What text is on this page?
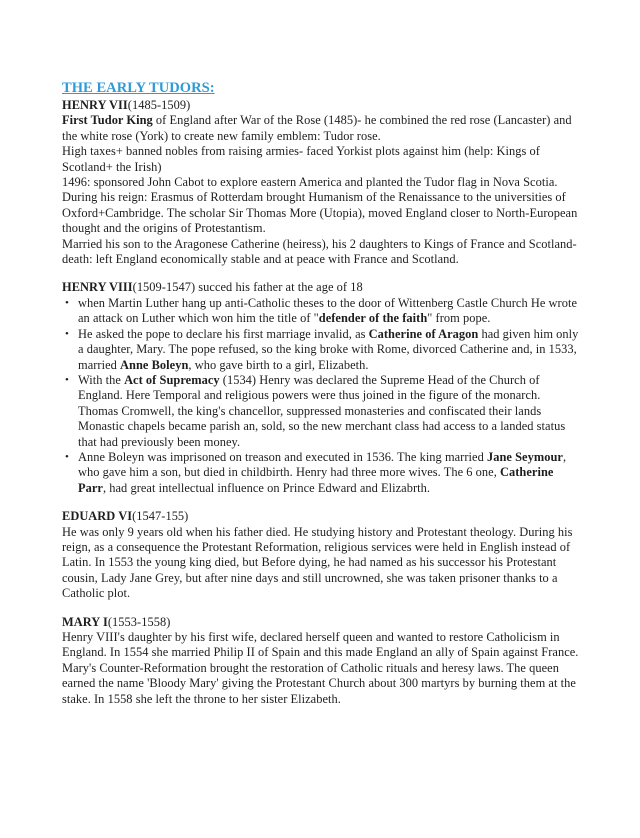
THE EARLY TUDORS:

HENRY VII(1485-1509)

First Tudor King of England after War of the Rose (1485)- he combined the red rose (Lancaster) and the white rose (York) to create new family emblem: Tudor rose.

High taxes+ banned nobles from raising armies- faced Yorkist plots against him (help: Kings of Scotland+ the Irish)

1496: sponsored John Cabot to explore eastern America and planted the Tudor flag in Nova Scotia.

During his reign: Erasmus of Rotterdam brought Humanism of the Renaissance to the universities of Oxford+Cambridge. The scholar Sir Thomas More (Utopia), moved England closer to North-European thought and the origins of Protestantism.

Married his son to the Aragonese Catherine (heiress), his 2 daughters to Kings of France and Scotland- death: left England economically stable and at peace with France and Scotland.

HENRY VIII(1509-1547) succed his father at the age of 18

• when Martin Luther hang up anti-Catholic theses to the door of Wittenberg Castle Church He wrote an attack on Luther which won him the title of "defender of the faith" from pope.
• He asked the pope to declare his first marriage invalid, as Catherine of Aragon had given him only a daughter, Mary. The pope refused, so the king broke with Rome, divorced Catherine and, in 1533, married Anne Boleyn, who gave birth to a girl, Elizabeth.
• With the Act of Supremacy (1534) Henry was declared the Supreme Head of the Church of England. Here Temporal and religious powers were thus joined in the figure of the monarch. Thomas Cromwell, the king's chancellor, suppressed monasteries and confiscated their lands Monastic chapels became parish an, sold, so the new merchant class had access to a landed status that had previously been money.
• Anne Boleyn was imprisoned on treason and executed in 1536. The king married Jane Seymour, who gave him a son, but died in childbirth. Henry had three more wives. The 6 one, Catherine Parr, had great intellectual influence on Prince Edward and Elizabrth.

EDUARD VI(1547-155)

He was only 9 years old when his father died. He studying history and Protestant theology. During his reign, as a consequence the Protestant Reformation, religious services were held in English instead of Latin. In 1553 the young king died, but Before dying, he had named as his successor his Protestant cousin, Lady Jane Grey, but after nine days and still uncrowned, she was taken prisoner thanks to a Catholic plot.

MARY I(1553-1558)

Henry VIII's daughter by his first wife, declared herself queen and wanted to restore Catholicism in England. In 1554 she married Philip II of Spain and this made England an ally of Spain against France. Mary's Counter-Reformation brought the restoration of Catholic rituals and heresy laws. The queen earned the name 'Bloody Mary' giving the Protestant Church about 300 martyrs by burning them at the stake. In 1558 she left the throne to her sister Elizabeth.
